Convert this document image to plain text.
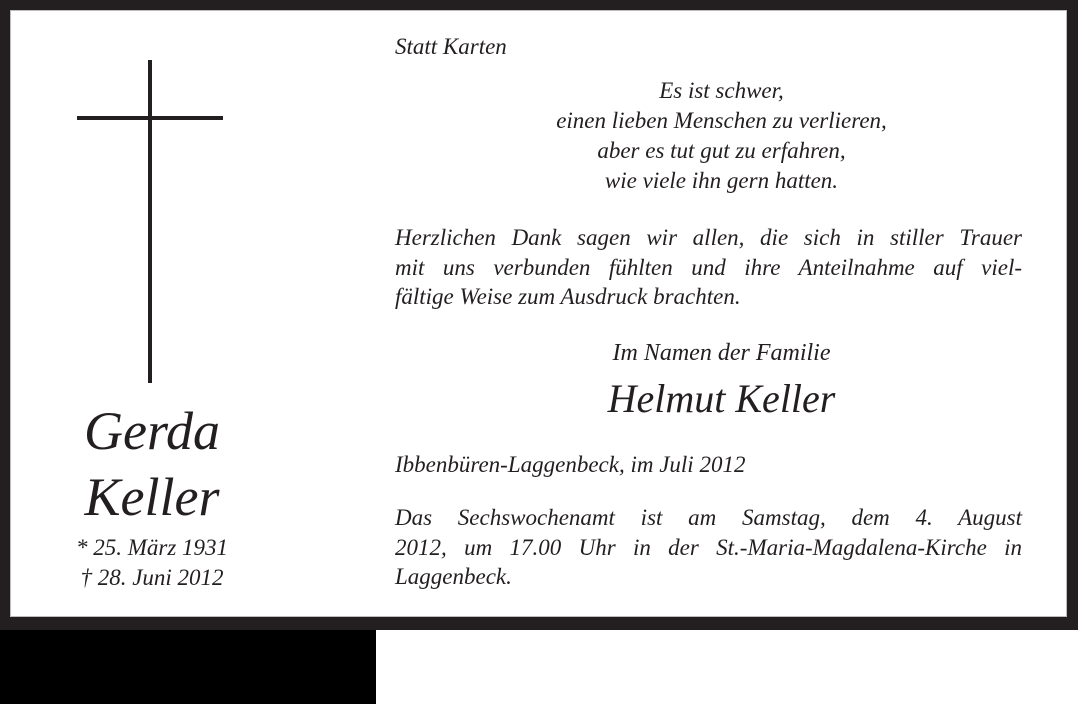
Gerda
Keller
* 25. März 1931
† 28. Juni 2012
Statt Karten
Es ist schwer,
einen lieben Menschen zu verlieren,
aber es tut gut zu erfahren,
wie viele ihn gern hatten.
Herzlichen Dank sagen wir allen, die sich in stiller Trauer
mit uns verbunden fühlten und ihre Anteilnahme auf viel-
fältige Weise zum Ausdruck brachten.
Im Namen der Familie
Helmut Keller
Ibbenbüren-Laggenbeck, im Juli 2012
Das Sechswochenamt ist am Samstag, dem 4. August
2012, um 17.00 Uhr in der St.-Maria-Magdalena-Kirche in
Laggenbeck.
